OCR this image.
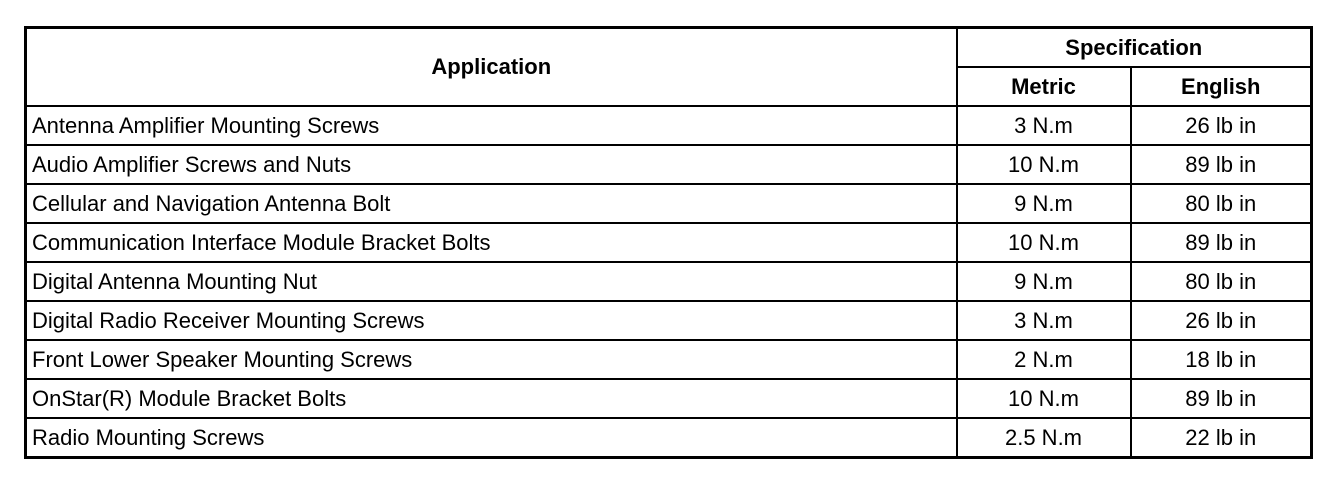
Application	Specification	
	Metric	English
Antenna Amplifier Mounting Screws	3 N.m	26 lb in
Audio Amplifier Screws and Nuts	10 N.m	89 lb in
Cellular and Navigation Antenna Bolt	9 N.m	80 lb in
Communication Interface Module Bracket Bolts	10 N.m	89 lb in
Digital Antenna Mounting Nut	9 N.m	80 lb in
Digital Radio Receiver Mounting Screws	3 N.m	26 lb in
Front Lower Speaker Mounting Screws	2 N.m	18 lb in
OnStar(R) Module Bracket Bolts	10 N.m	89 lb in
Radio Mounting Screws	2.5 N.m	22 lb in
